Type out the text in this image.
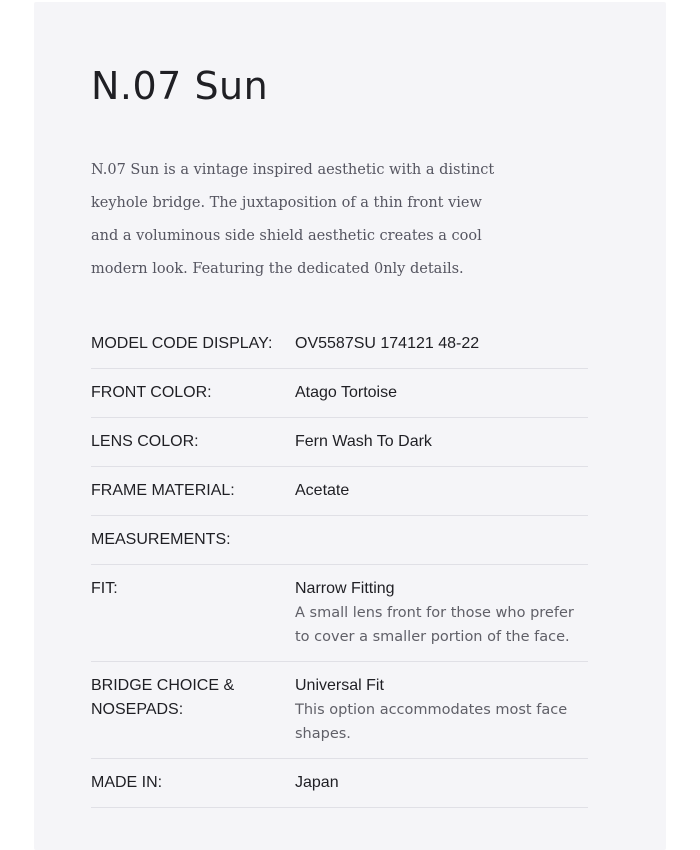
N.07 Sun

N.07 Sun is a vintage inspired aesthetic with a distinct keyhole bridge. The juxtaposition of a thin front view and a voluminous side shield aesthetic creates a cool modern look. Featuring the dedicated 0nly details.

MODEL CODE DISPLAY:	OV5587SU 174121 48-22
FRONT COLOR:	Atago Tortoise
LENS COLOR:	Fern Wash To Dark
FRAME MATERIAL:	Acetate
MEASUREMENTS:
FIT:	Narrow Fitting
A small lens front for those who prefer to cover a smaller portion of the face.
BRIDGE CHOICE & NOSEPADS:
Universal Fit
This option accommodates most face shapes.
MADE IN:	Japan
